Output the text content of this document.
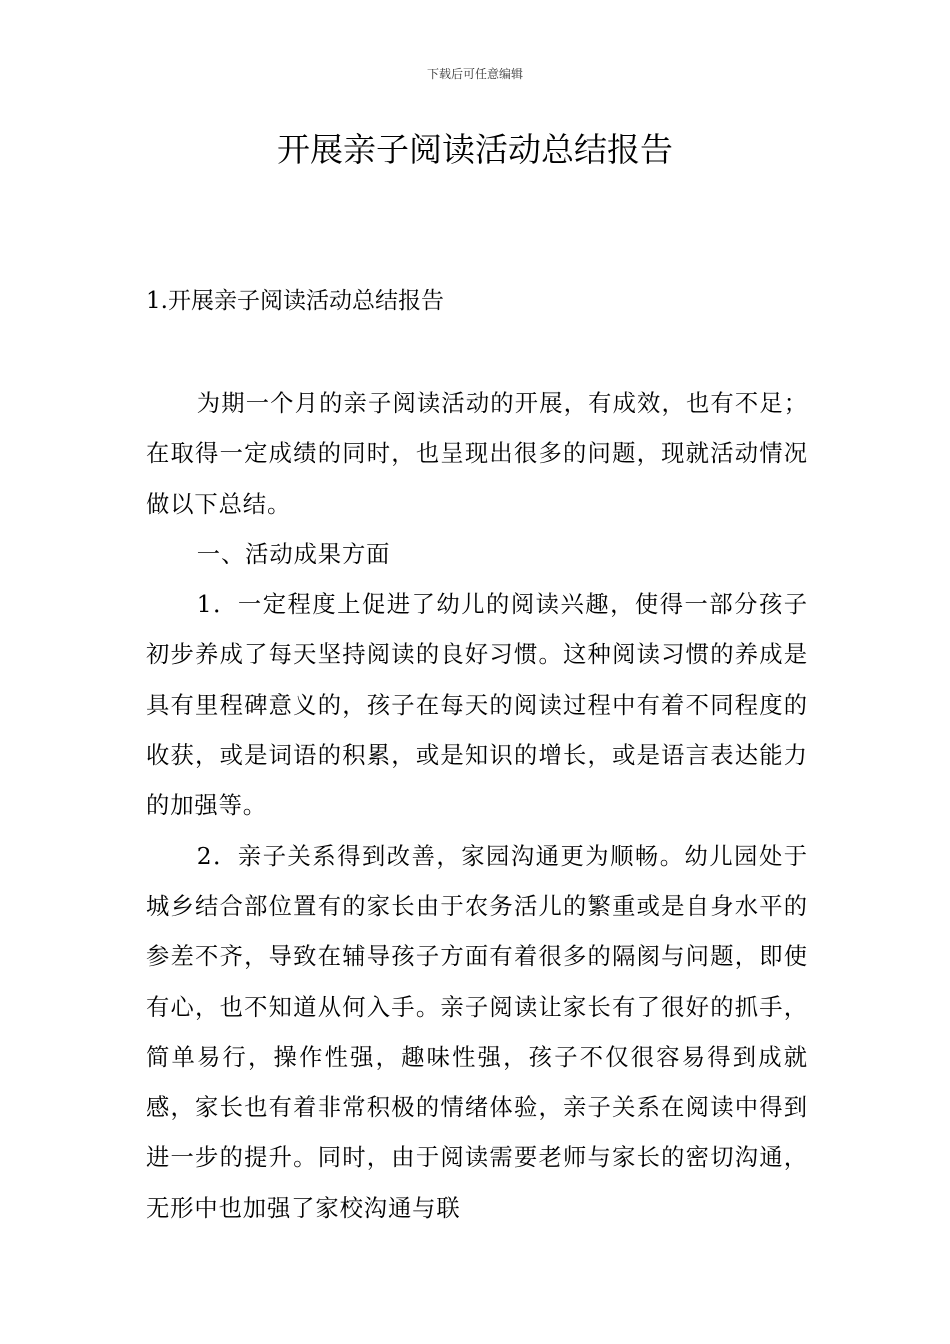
下载后可任意编辑
开展亲子阅读活动总结报告
1.开展亲子阅读活动总结报告

为期一个月的亲子阅读活动的开展，有成效，也有不足；在取得一定成绩的同时，也呈现出很多的问题，现就活动情况做以下总结。

一、活动成果方面

1．一定程度上促进了幼儿的阅读兴趣，使得一部分孩子初步养成了每天坚持阅读的良好习惯。这种阅读习惯的养成是具有里程碑意义的，孩子在每天的阅读过程中有着不同程度的收获，或是词语的积累，或是知识的增长，或是语言表达能力的加强等。

2．亲子关系得到改善，家园沟通更为顺畅。幼儿园处于城乡结合部位置有的家长由于农务活儿的繁重或是自身水平的参差不齐，导致在辅导孩子方面有着很多的隔阂与问题，即使有心，也不知道从何入手。亲子阅读让家长有了很好的抓手，简单易行，操作性强，趣味性强，孩子不仅很容易得到成就感，家长也有着非常积极的情绪体验，亲子关系在阅读中得到进一步的提升。同时，由于阅读需要老师与家长的密切沟通，无形中也加强了家校沟通与联
